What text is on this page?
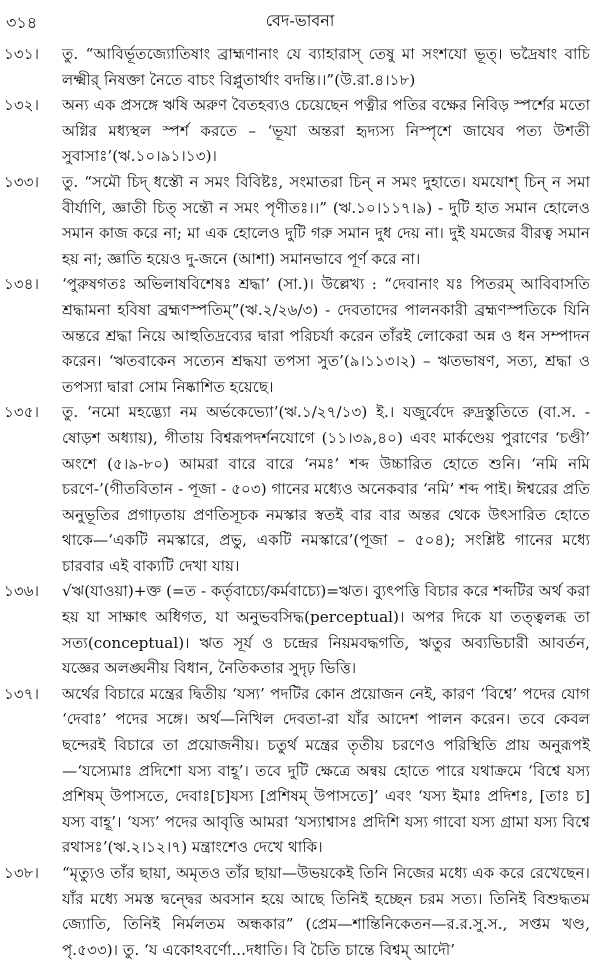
৩১৪	বেদ-ভাবনা

১৩১। তু. “আবির্ভূতজ্যোতিষাং ব্রাহ্মণানাং যে ব্যাহারাস্ তেষু মা সংশযো ভূত্। ভদ্রৈষাং বাচি লক্ষ্মীর্ নিষক্তা নৈতে বাচং বিপ্লুতার্থাং বদন্তি।।”(উ.রা.৪।১৮)

১৩২। অন্য এক প্রসঙ্গে ঋষি অরুণ বৈতহব্যও চেয়েছেন পত্নীর পতির বক্ষের নিবিড় স্পর্শের মতো অগ্নির মধ্যস্থল স্পর্শ করতে – ‘ভূযা অন্তরা হৃদ্যস্য নিস্পৃশে জাযেব পত্য উশতী সুবাসাঃ’(ঋ.১০।৯১।১৩)।

১৩৩। তু. “সমৌ চিদ্ ধস্তৌ ন সমং বিবিষ্টঃ, সংমাতরা চিন্ ন সমং দুহাতে। যমযোশ্ চিন্ ন সমা বীর্যাণি, জ্ঞাতী চিত্ সন্তৌ ন সমং পৃণীতঃ।।” (ঋ.১০।১১৭।৯) - দুটি হাত সমান হোলেও সমান কাজ করে না; মা এক হোলেও দুটি গরু সমান দুধ দেয় না। দুই যমজের বীরত্ব সমান হয় না; জ্ঞাতি হয়েও দু-জনে (আশা) সমানভাবে পূর্ণ করে না।

১৩৪। ‘পুরুষগতঃ অভিলাষবিশেষঃ শ্রদ্ধা’ (সা.)। উল্লেখ্য : “দেবানাং যঃ পিতরম্ আবিবাসতি শ্রদ্ধামনা হবিষা ব্রহ্মণস্পতিম্”(ঋ.২/২৬/৩) - দেবতাদের পালনকারী ব্রহ্মণস্পতিকে যিনি অন্তরে শ্রদ্ধা নিয়ে আহুতিদ্রব্যের দ্বারা পরিচর্যা করেন তাঁরই লোকেরা অন্ন ও ধন সম্পাদন করেন। ‘ঋতবাকেন সত্যেন শ্রদ্ধযা তপসা সুত’(৯।১১৩।২) – ঋতভাষণ, সত্য, শ্রদ্ধা ও তপস্যা দ্বারা সোম নিষ্কাশিত হয়েছে।

১৩৫। তু. ‘নমো মহদ্ভ্যো নম অর্ভকেভ্যো’(ঋ.১/২৭/১৩) ই.। যজুর্বেদে রুদ্রস্তুতিতে (বা.স. - ষোড়শ অধ্যায়), গীতায় বিশ্বরূপদর্শনযোগে (১১।৩৯,৪০) এবং মার্কণ্ডেয় পুরাণের ‘চণ্ডী’ অংশে (৫।৯-৮০) আমরা বারে বারে ‘নমঃ’ শব্দ উচ্চারিত হোতে শুনি। ‘নমি নমি চরণে-’(গীতবিতান - পূজা - ৫০৩) গানের মধ্যেও অনেকবার ‘নমি’ শব্দ পাই। ঈশ্বরের প্রতি অনুভূতির প্রগাঢ়তায় প্রণতিসূচক নমস্কার স্বতই বার বার অন্তর থেকে উৎসারিত হোতে থাকে—‘একটি নমস্কারে, প্রভু, একটি নমস্কারে’(পূজা – ৫০৪); সংশ্লিষ্ট গানের মধ্যে চারবার এই বাক্যটি দেখা যায়।

১৩৬। √ঋ(যাওয়া)+ক্ত (=ত - কর্তৃবাচ্যে/কর্মবাচ্যে)=ঋত। ব্যুৎপত্তি বিচার করে শব্দটির অর্থ করা হয় যা সাক্ষাৎ অধিগত, যা অনুভবসিদ্ধ(perceptual)। অপর দিকে যা তত্ত্বলব্ধ তা সত্য(conceptual)। ঋত সূর্য ও চন্দ্রের নিয়মবদ্ধগতি, ঋতুর অব্যভিচারী আবর্তন, যজ্ঞের অলঙ্ঘনীয় বিধান, নৈতিকতার সুদৃঢ় ভিত্তি।

১৩৭। অর্থের বিচারে মন্ত্রের দ্বিতীয় ‘যস্য’ পদটির কোন প্রয়োজন নেই, কারণ ‘বিশ্বে’ পদের যোগ ‘দেবাঃ’ পদের সঙ্গে। অর্থ—নিখিল দেবতা-রা যাঁর আদেশ পালন করেন। তবে কেবল ছন্দেরই বিচারে তা প্রয়োজনীয়। চতুর্থ মন্ত্রের তৃতীয় চরণেও পরিস্থিতি প্রায় অনুরূপই—‘যস্যেমাঃ প্রদিশো যস্য বাহূ’। তবে দুটি ক্ষেত্রে অন্বয় হোতে পারে যথাক্রমে ‘বিশ্বে যস্য প্রশিষম্ উপাসতে, দেবাঃ[চ]যস্য [প্রশিষম্ উপাসতে]’ এবং ‘যস্য ইমাঃ প্রদিশঃ, [তাঃ চ] যস্য বাহূ’। ‘যস্য’ পদের আবৃত্তি আমরা ‘যস্যাশ্বাসঃ প্রদিশি যস্য গাবো যস্য গ্রামা যস্য বিশ্বে রথাসঃ’(ঋ.২।১২।৭) মন্ত্রাংশেও দেখে থাকি।

১৩৮। “মৃত্যুও তাঁর ছায়া, অমৃতও তাঁর ছায়া—উভয়কেই তিনি নিজের মধ্যে এক করে রেখেছেন। যাঁর মধ্যে সমস্ত দ্বন্দ্বের অবসান হয়ে আছে তিনিই হচ্ছেন চরম সত্য। তিনিই বিশুদ্ধতম জ্যোতি, তিনিই নির্মলতম অন্ধকার” (প্রেম—শান্তিনিকেতন—র.র.সু.স., সপ্তম খণ্ড, পৃ.৫৩৩)। তু. ‘য একোঽবর্ণো...দধাতি। বি চৈতি চান্তে বিশ্বম্ আদৌ’
